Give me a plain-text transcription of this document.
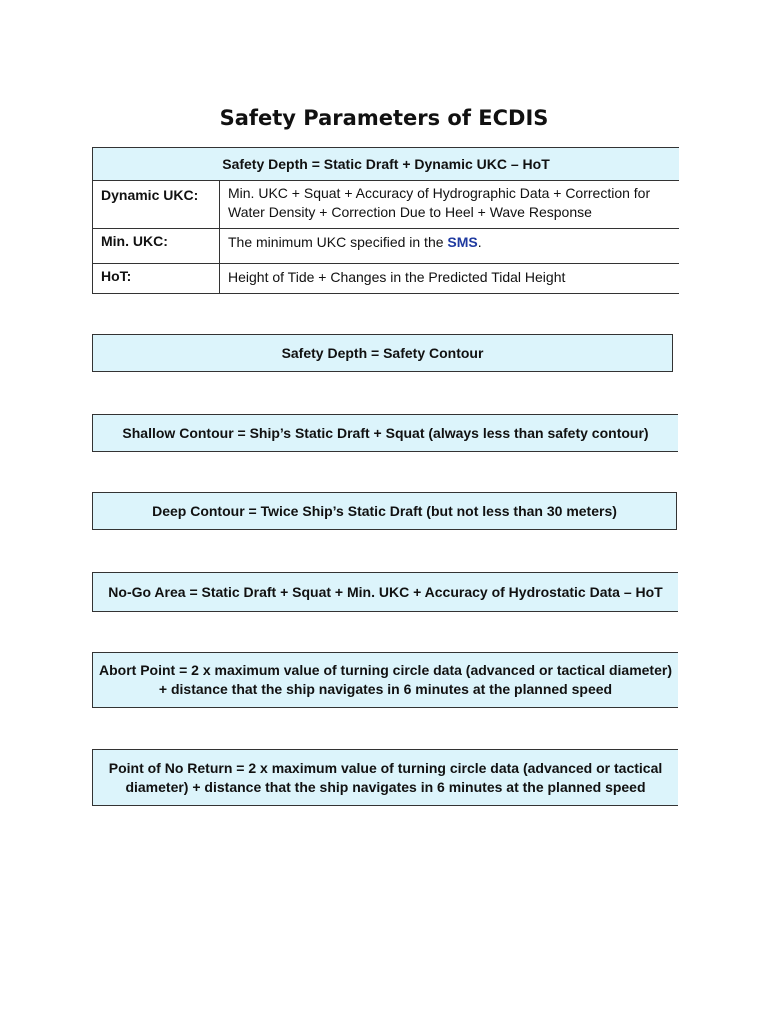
Safety Parameters of ECDIS
Safety Depth = Static Draft + Dynamic UKC – HoT
Dynamic UKC:	Min. UKC + Squat + Accuracy of Hydrographic Data + Correction for Water Density + Correction Due to Heel + Wave Response
Min. UKC:	The minimum UKC specified in the SMS.
HoT:	Height of Tide + Changes in the Predicted Tidal Height
Safety Depth = Safety Contour
Shallow Contour = Ship’s Static Draft + Squat (always less than safety contour)
Deep Contour = Twice Ship’s Static Draft (but not less than 30 meters)
No-Go Area = Static Draft + Squat + Min. UKC + Accuracy of Hydrostatic Data – HoT
Abort Point = 2 x maximum value of turning circle data (advanced or tactical diameter) + distance that the ship navigates in 6 minutes at the planned speed
Point of No Return = 2 x maximum value of turning circle data (advanced or tactical diameter) + distance that the ship navigates in 6 minutes at the planned speed
